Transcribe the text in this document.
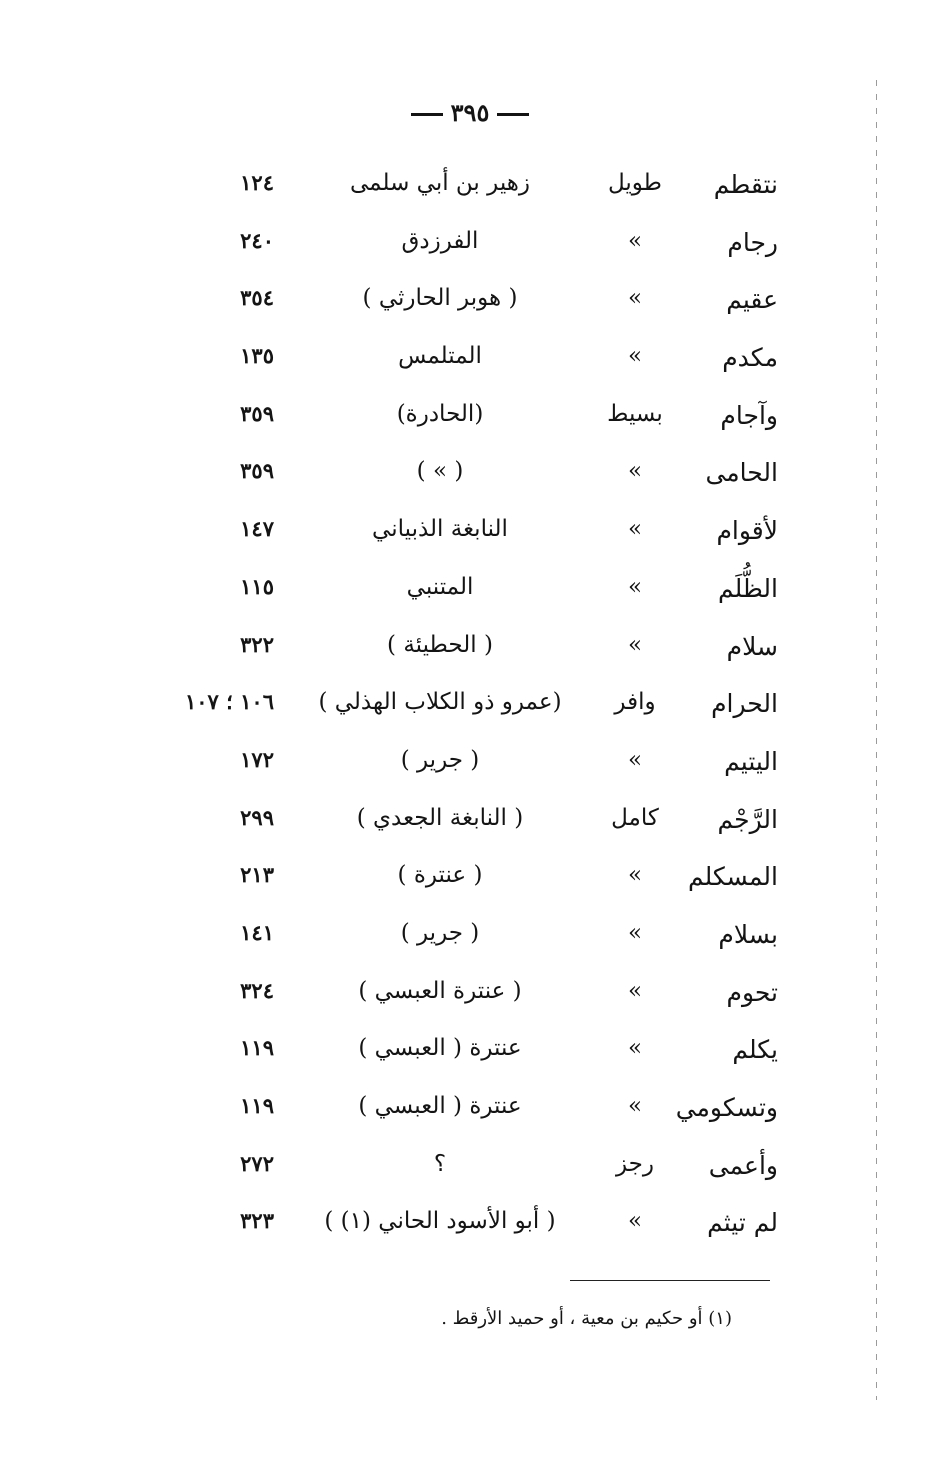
٣٩٥
نتقطم
طويل
زهير بن أبي سلمى
١٢٤
رجام
»
الفرزدق
٢٤٠
عقيم
»
( هوبر الحارثي )
٣٥٤
مكدم
»
المتلمس
١٣٥
وآجام
بسيط
(الحادرة)
٣٥٩
الحامى
»
( » )
٣٥٩
لأقوام
»
النابغة الذبياني
١٤٧
الظُّلَم
»
المتنبي
١١٥
سلام
»
( الحطيئة )
٣٢٢
الحرام
وافر
(عمرو ذو الكلاب الهذلي )
١٠٦ ؛ ١٠٧
اليتيم
»
( جرير )
١٧٢
الرَّجْم
كامل
( النابغة الجعدي )
٢٩٩
المسكلم
»
( عنترة )
٢١٣
بسلام
»
( جرير )
١٤١
تحوم
»
( عنترة العبسي )
٣٢٤
يكلم
»
عنترة ( العبسي )
١١٩
وتسكومي
»
عنترة ( العبسي )
١١٩
وأعمى
رجز
؟
٢٧٢
لم تيثم
»
( أبو الأسود الحاني (١) )
٣٢٣
(١) أو حكيم بن معية ، أو حميد الأرقط .
